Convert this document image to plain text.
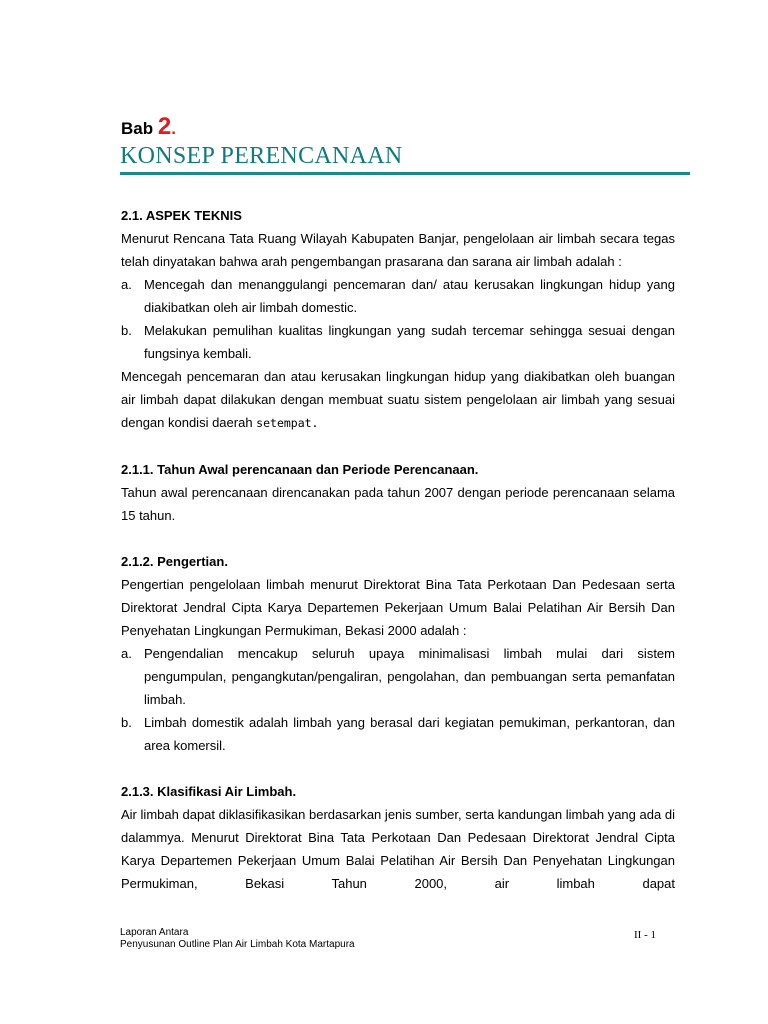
Bab 2.
KONSEP PERENCANAAN
2.1. ASPEK TEKNIS

Menurut Rencana Tata Ruang Wilayah Kabupaten Banjar, pengelolaan air limbah secara tegas telah dinyatakan bahwa arah pengembangan prasarana dan sarana air limbah adalah :

a. Mencegah dan menanggulangi pencemaran dan/ atau kerusakan lingkungan hidup yang diakibatkan oleh air limbah domestic.
b. Melakukan pemulihan kualitas lingkungan yang sudah tercemar sehingga sesuai dengan fungsinya kembali.

Mencegah pencemaran dan atau kerusakan lingkungan hidup yang diakibatkan oleh buangan air limbah dapat dilakukan dengan membuat suatu sistem pengelolaan air limbah yang sesuai dengan kondisi daerah setempat.

2.1.1. Tahun Awal perencanaan dan Periode Perencanaan.

Tahun awal perencanaan direncanakan pada tahun 2007 dengan periode perencanaan selama 15 tahun.

2.1.2. Pengertian.

Pengertian pengelolaan limbah menurut Direktorat Bina Tata Perkotaan Dan Pedesaan serta Direktorat Jendral Cipta Karya Departemen Pekerjaan Umum Balai Pelatihan Air Bersih Dan Penyehatan Lingkungan Permukiman, Bekasi 2000 adalah :

a. Pengendalian mencakup seluruh upaya minimalisasi limbah mulai dari sistem pengumpulan, pengangkutan/pengaliran, pengolahan, dan pembuangan serta pemanfatan limbah.
b. Limbah domestik adalah limbah yang berasal dari kegiatan pemukiman, perkantoran, dan area komersil.
2.1.3. Klasifikasi Air Limbah.

Air limbah dapat diklasifikasikan berdasarkan jenis sumber, serta kandungan limbah yang ada di dalammya. Menurut Direktorat Bina Tata Perkotaan Dan Pedesaan Direktorat Jendral Cipta Karya Departemen Pekerjaan Umum Balai Pelatihan Air Bersih Dan Penyehatan Lingkungan Permukiman, Bekasi Tahun 2000, air limbah dapat

Laporan Antara
Penyusunan Outline Plan Air Limbah Kota Martapura
II - 1
